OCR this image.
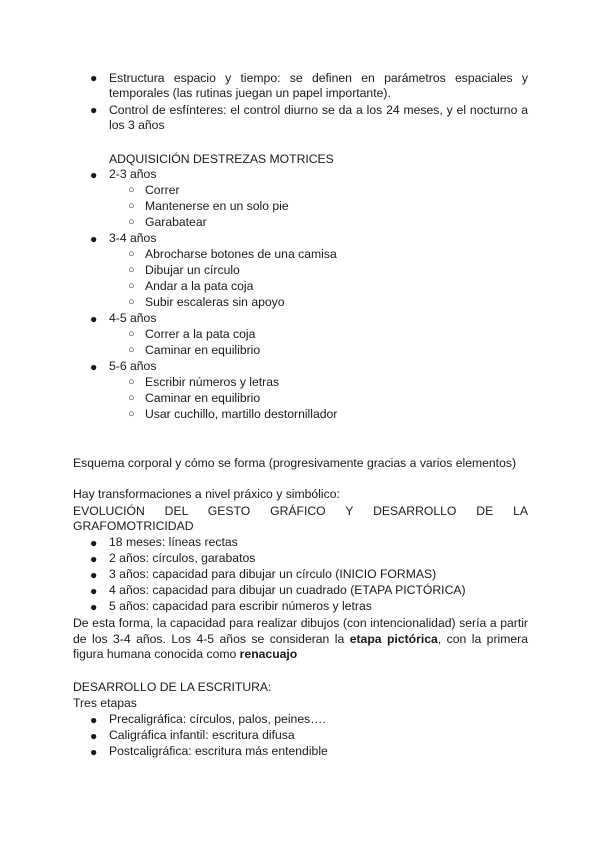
● Estructura espacio y tiempo: se definen en parámetros espaciales y
temporales (las rutinas juegan un papel importante).
● Control de esfínteres: el control diurno se da a los 24 meses, y el nocturno a
los 3 años
ADQUISICIÓN DESTREZAS MOTRICES
● 2-3 años
○ Correr
○ Mantenerse en un solo pie
○ Garabatear
● 3-4 años
○ Abrocharse botones de una camisa
○ Dibujar un círculo
○ Andar a la pata coja
○ Subir escaleras sin apoyo
● 4-5 años
○ Correr a la pata coja
○ Caminar en equilibrio
● 5-6 años
○ Escribir números y letras
○ Caminar en equilibrio
○ Usar cuchillo, martillo destornillador
Esquema corporal y cómo se forma (progresivamente gracias a varios elementos)
Hay transformaciones a nivel práxico y simbólico:
EVOLUCIÓN DEL GESTO GRÁFICO Y DESARROLLO DE LA
GRAFOMOTRICIDAD
● 18 meses: líneas rectas
● 2 años: círculos, garabatos
● 3 años: capacidad para dibujar un círculo (INICIO FORMAS)
● 4 años: capacidad para dibujar un cuadrado (ETAPA PICTÓRICA)
● 5 años: capacidad para escribir números y letras
De esta forma, la capacidad para realizar dibujos (con intencionalidad) sería a partir
de los 3-4 años. Los 4-5 años se consideran la etapa pictórica, con la primera
figura humana conocida como renacuajo
DESARROLLO DE LA ESCRITURA:
Tres etapas
● Precaligráfica: círculos, palos, peines….
● Caligráfica infantil: escritura difusa
● Postcaligráfica: escritura más entendible
